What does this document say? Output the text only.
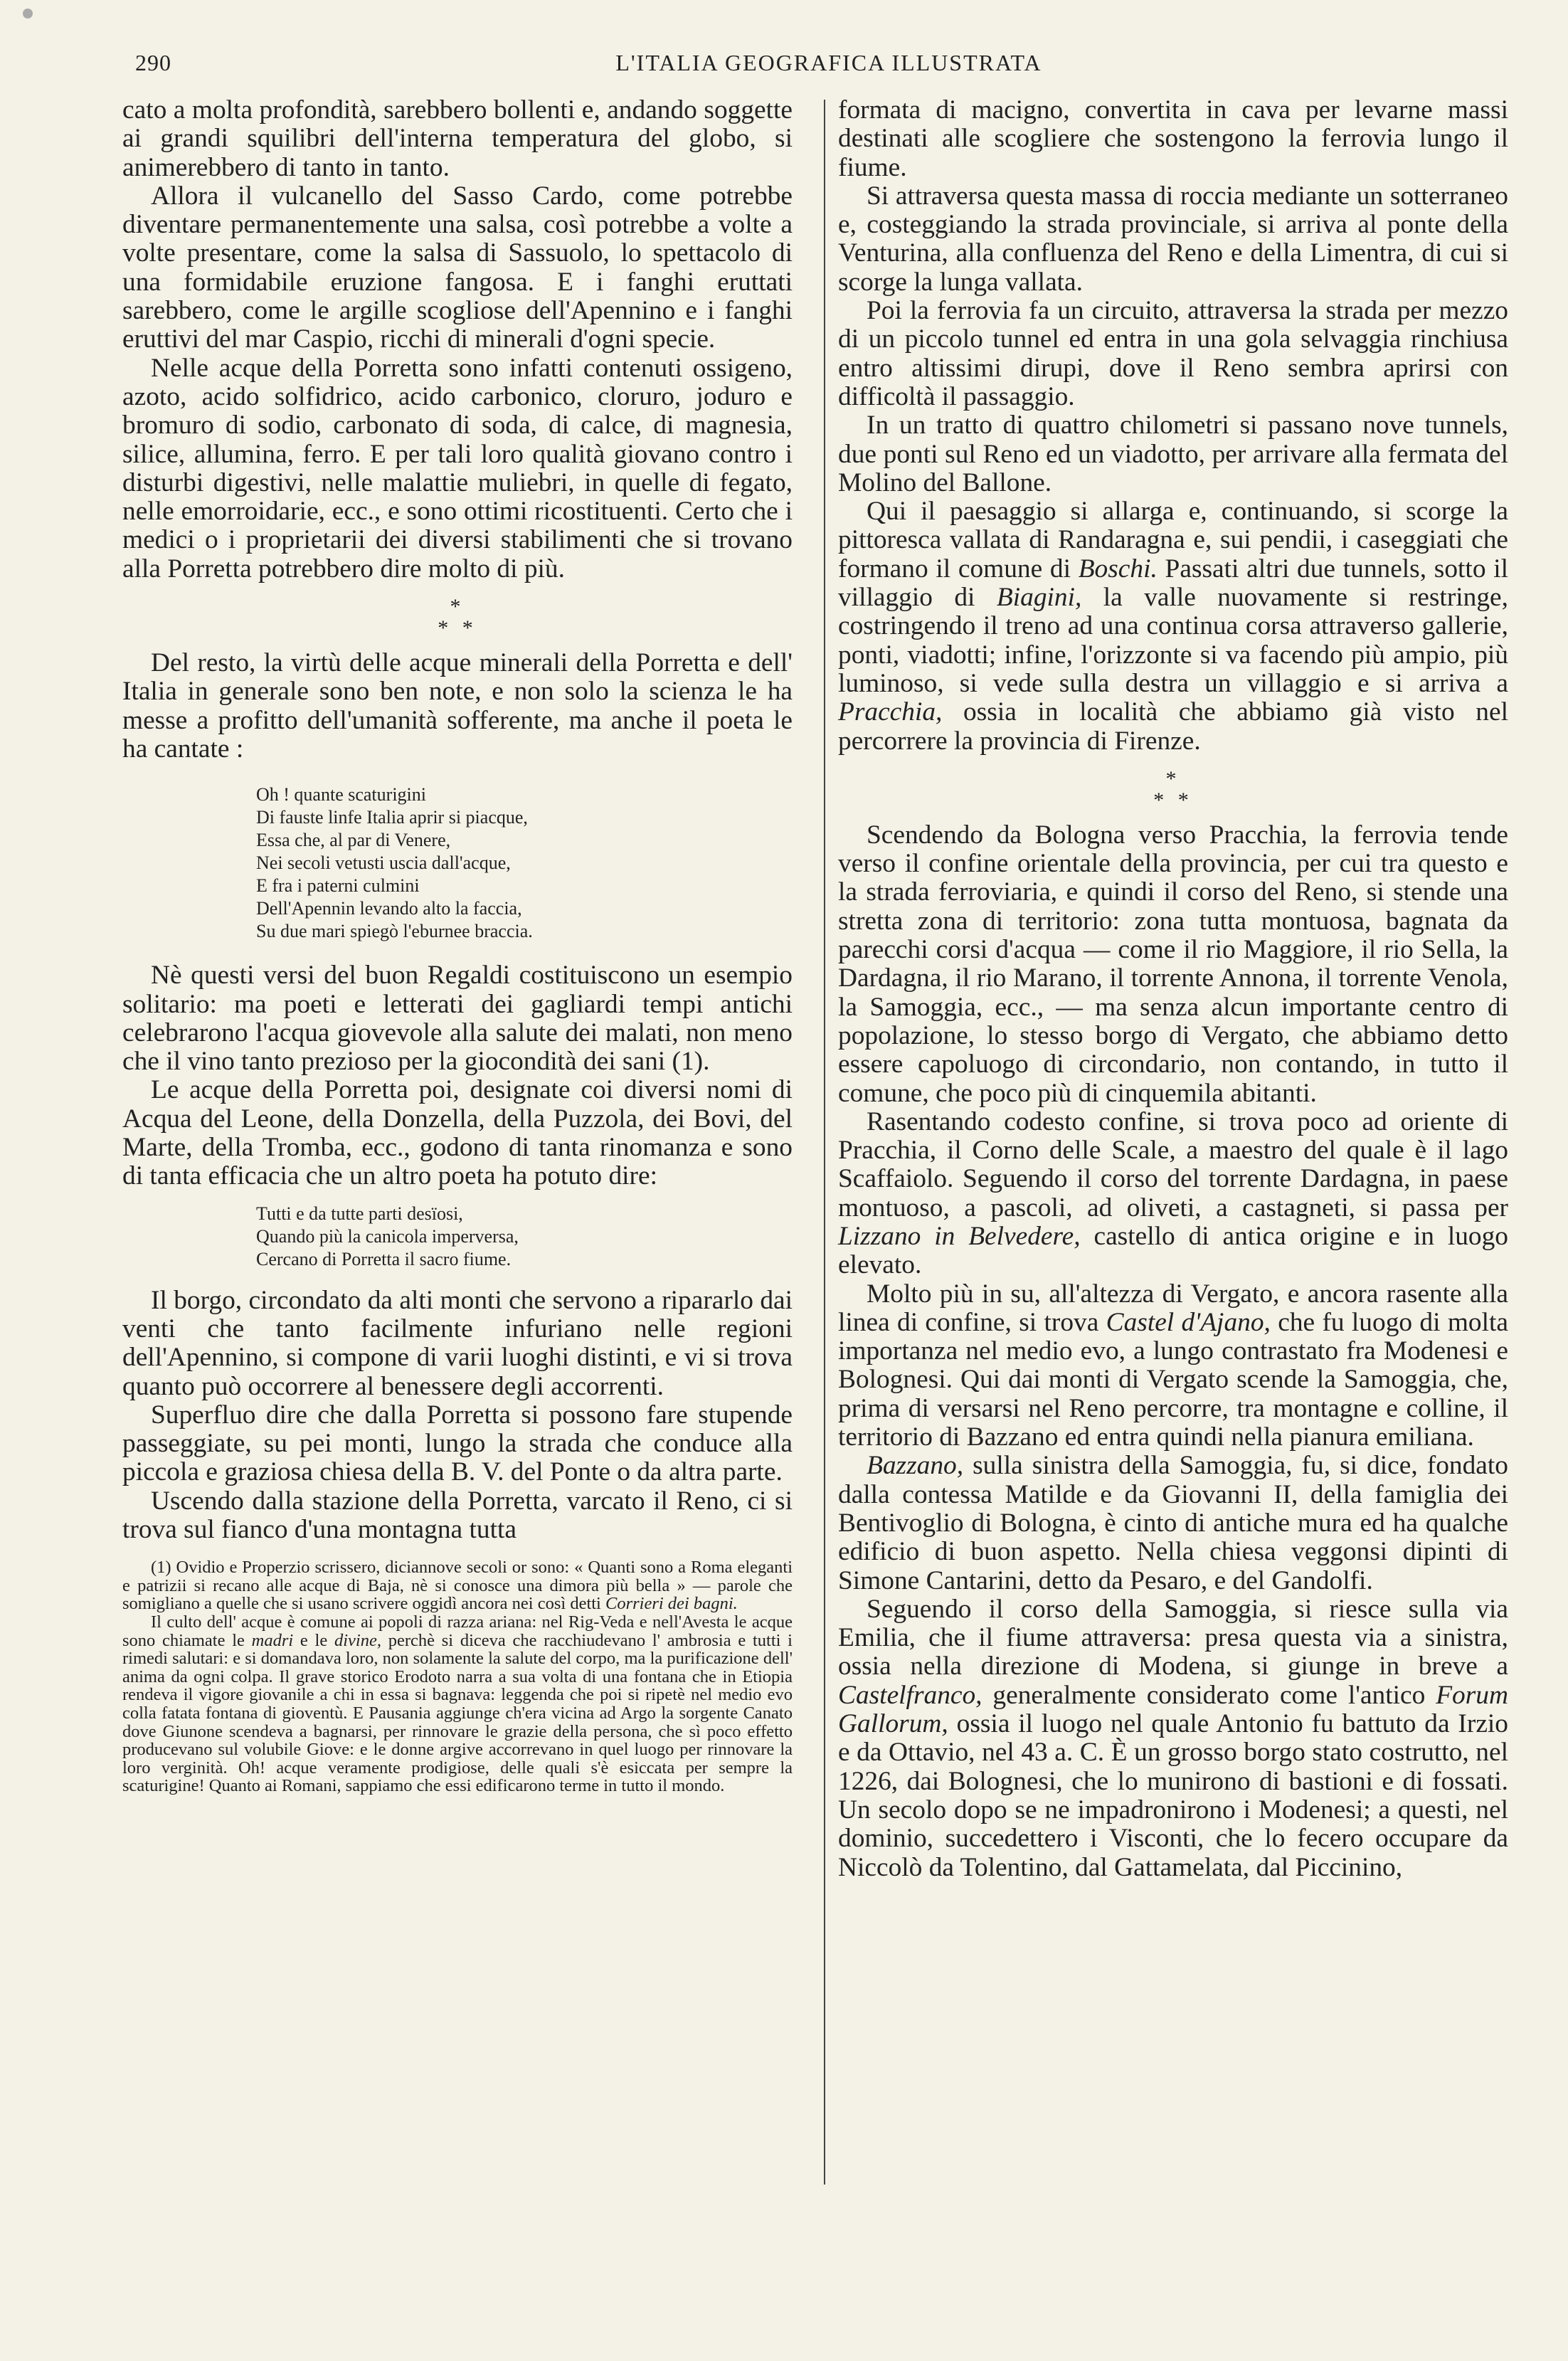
290	L'ITALIA GEOGRAFICA ILLUSTRATA

cato a molta profondità, sarebbero bollenti e, andando soggette ai grandi squilibri dell'interna temperatura del globo, si animerebbero di tanto in tanto.

Allora il vulcanello del Sasso Cardo, come potrebbe diventare permanentemente una salsa, così potrebbe a volte a volte presentare, come la salsa di Sassuolo, lo spettacolo di una formidabile eruzione fangosa. E i fanghi eruttati sarebbero, come le argille scogliose dell'Apennino e i fanghi eruttivi del mar Caspio, ricchi di minerali d'ogni specie.

Nelle acque della Porretta sono infatti contenuti ossigeno, azoto, acido solfidrico, acido carbonico, cloruro, joduro e bromuro di sodio, carbonato di soda, di calce, di magnesia, silice, allumina, ferro. E per tali loro qualità giovano contro i disturbi digestivi, nelle malattie muliebri, in quelle di fegato, nelle emorroidarie, ecc., e sono ottimi ricostituenti. Certo che i medici o i proprietarii dei diversi stabilimenti che si trovano alla Porretta potrebbero dire molto di più.

*
* *

Del resto, la virtù delle acque minerali della Porretta e dell' Italia in generale sono ben note, e non solo la scienza le ha messe a profitto dell'umanità sofferente, ma anche il poeta le ha cantate :

Oh ! quante scaturigini
Di fauste linfe Italia aprir si piacque,
Essa che, al par di Venere,
Nei secoli vetusti uscia dall'acque,
E fra i paterni culmini
Dell'Apennin levando alto la faccia,
Su due mari spiegò l'eburnee braccia.

Nè questi versi del buon Regaldi costituiscono un esempio solitario: ma poeti e letterati dei gagliardi tempi antichi celebrarono l'acqua giovevole alla salute dei malati, non meno che il vino tanto prezioso per la giocondità dei sani (1).

Le acque della Porretta poi, designate coi diversi nomi di Acqua del Leone, della Donzella, della Puzzola, dei Bovi, del Marte, della Tromba, ecc., godono di tanta rinomanza e sono di tanta efficacia che un altro poeta ha potuto dire:

Tutti e da tutte parti desïosi,
Quando più la canicola imperversa,
Cercano di Porretta il sacro fiume.

Il borgo, circondato da alti monti che servono a ripararlo dai venti che tanto facilmente infuriano nelle regioni dell'Apennino, si compone di varii luoghi distinti, e vi si trova quanto può occorrere al benessere degli accorrenti.

Superfluo dire che dalla Porretta si possono fare stupende passeggiate, su pei monti, lungo la strada che conduce alla piccola e graziosa chiesa della B. V. del Ponte o da altra parte.

Uscendo dalla stazione della Porretta, varcato il Reno, ci si trova sul fianco d'una montagna tutta

(1) Ovidio e Properzio scrissero, diciannove secoli or sono: « Quanti sono a Roma eleganti e patrizii si recano alle acque di Baja, nè si conosce una dimora più bella » — parole che somigliano a quelle che si usano scrivere oggidì ancora nei così detti Corrieri dei bagni.

Il culto dell' acque è comune ai popoli di razza ariana: nel Rig-Veda e nell'Avesta le acque sono chiamate le madri e le divine, perchè si diceva che racchiudevano l' ambrosia e tutti i rimedi salutari: e si domandava loro, non solamente la salute del corpo, ma la purificazione dell' anima da ogni colpa. Il grave storico Erodoto narra a sua volta di una fontana che in Etiopia rendeva il vigore giovanile a chi in essa si bagnava: leggenda che poi si ripetè nel medio evo colla fatata fontana di gioventù. E Pausania aggiunge ch'era vicina ad Argo la sorgente Canato dove Giunone scendeva a bagnarsi, per rinnovare le grazie della persona, che sì poco effetto producevano sul volubile Giove: e le donne argive accorrevano in quel luogo per rinnovare la loro verginità. Oh! acque veramente prodigiose, delle quali s'è esiccata per sempre la scaturigine! Quanto ai Romani, sappiamo che essi edificarono terme in tutto il mondo.

formata di macigno, convertita in cava per levarne massi destinati alle scogliere che sostengono la ferrovia lungo il fiume.

Si attraversa questa massa di roccia mediante un sotterraneo e, costeggiando la strada provinciale, si arriva al ponte della Venturina, alla confluenza del Reno e della Limentra, di cui si scorge la lunga vallata.

Poi la ferrovia fa un circuito, attraversa la strada per mezzo di un piccolo tunnel ed entra in una gola selvaggia rinchiusa entro altissimi dirupi, dove il Reno sembra aprirsi con difficoltà il passaggio.

In un tratto di quattro chilometri si passano nove tunnels, due ponti sul Reno ed un viadotto, per arrivare alla fermata del Molino del Ballone.

Qui il paesaggio si allarga e, continuando, si scorge la pittoresca vallata di Randaragna e, sui pendii, i caseggiati che formano il comune di Boschi. Passati altri due tunnels, sotto il villaggio di Biagini, la valle nuovamente si restringe, costringendo il treno ad una continua corsa attraverso gallerie, ponti, viadotti; infine, l'orizzonte si va facendo più ampio, più luminoso, si vede sulla destra un villaggio e si arriva a Pracchia, ossia in località che abbiamo già visto nel percorrere la provincia di Firenze.

*
* *

Scendendo da Bologna verso Pracchia, la ferrovia tende verso il confine orientale della provincia, per cui tra questo e la strada ferroviaria, e quindi il corso del Reno, si stende una stretta zona di territorio: zona tutta montuosa, bagnata da parecchi corsi d'acqua — come il rio Maggiore, il rio Sella, la Dardagna, il rio Marano, il torrente Annona, il torrente Venola, la Samoggia, ecc., — ma senza alcun importante centro di popolazione, lo stesso borgo di Vergato, che abbiamo detto essere capoluogo di circondario, non contando, in tutto il comune, che poco più di cinquemila abitanti.

Rasentando codesto confine, si trova poco ad oriente di Pracchia, il Corno delle Scale, a maestro del quale è il lago Scaffaiolo. Seguendo il corso del torrente Dardagna, in paese montuoso, a pascoli, ad oliveti, a castagneti, si passa per Lizzano in Belvedere, castello di antica origine e in luogo elevato.

Molto più in su, all'altezza di Vergato, e ancora rasente alla linea di confine, si trova Castel d'Ajano, che fu luogo di molta importanza nel medio evo, a lungo contrastato fra Modenesi e Bolognesi. Qui dai monti di Vergato scende la Samoggia, che, prima di versarsi nel Reno percorre, tra montagne e colline, il territorio di Bazzano ed entra quindi nella pianura emiliana.

Bazzano, sulla sinistra della Samoggia, fu, si dice, fondato dalla contessa Matilde e da Giovanni II, della famiglia dei Bentivoglio di Bologna, è cinto di antiche mura ed ha qualche edificio di buon aspetto. Nella chiesa veggonsi dipinti di Simone Cantarini, detto da Pesaro, e del Gandolfi.

Seguendo il corso della Samoggia, si riesce sulla via Emilia, che il fiume attraversa: presa questa via a sinistra, ossia nella direzione di Modena, si giunge in breve a Castelfranco, generalmente considerato come l'antico Forum Gallorum, ossia il luogo nel quale Antonio fu battuto da Irzio e da Ottavio, nel 43 a. C. È un grosso borgo stato costrutto, nel 1226, dai Bolognesi, che lo munirono di bastioni e di fossati. Un secolo dopo se ne impadronirono i Modenesi; a questi, nel dominio, succedettero i Visconti, che lo fecero occupare da Niccolò da Tolentino, dal Gattamelata, dal Piccinino,
